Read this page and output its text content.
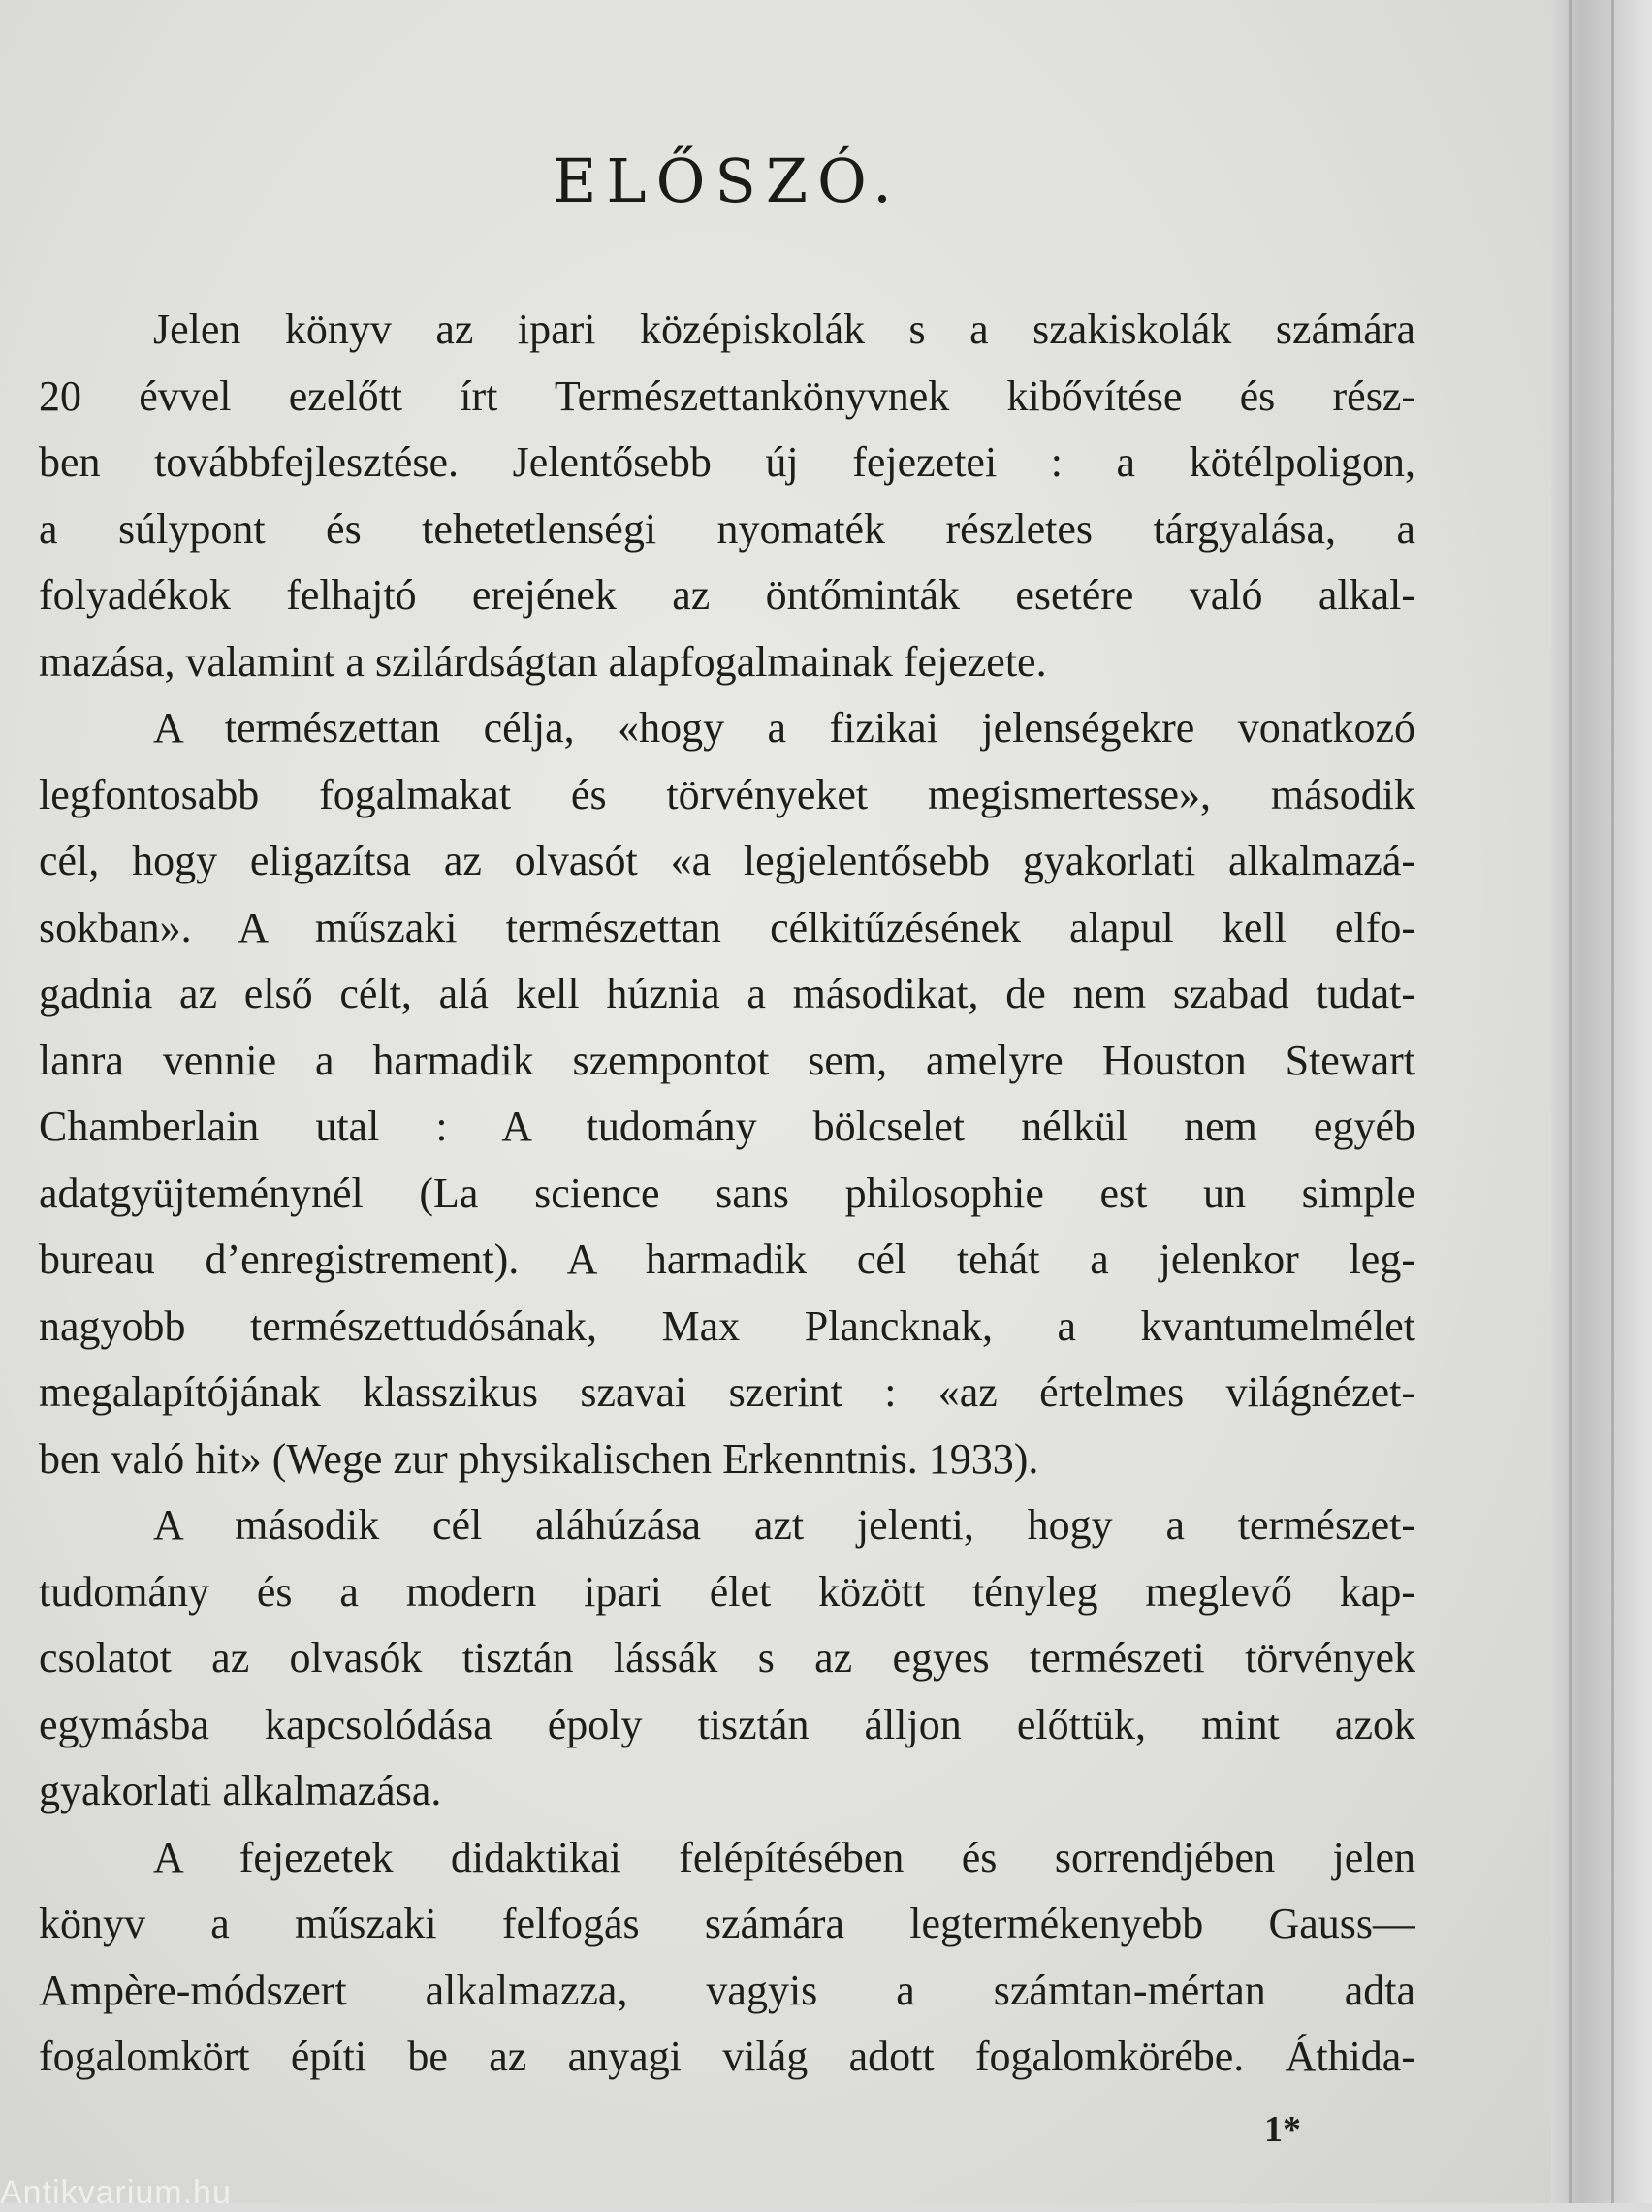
ELŐSZÓ.
Jelen könyv az ipari középiskolák s a szakiskolák számára
20 évvel ezelőtt írt Természettankönyvnek kibővítése és rész-
ben továbbfejlesztése. Jelentősebb új fejezetei : a kötélpoligon,
a súlypont és tehetetlenségi nyomaték részletes tárgyalása, a
folyadékok felhajtó erejének az öntőminták esetére való alkal-
mazása, valamint a szilárdságtan alapfogalmainak fejezete.
A természettan célja, «hogy a fizikai jelenségekre vonatkozó
legfontosabb fogalmakat és törvényeket megismertesse», második
cél, hogy eligazítsa az olvasót «a legjelentősebb gyakorlati alkalmazá-
sokban». A műszaki természettan célkitűzésének alapul kell elfo-
gadnia az első célt, alá kell húznia a másodikat, de nem szabad tudat-
lanra vennie a harmadik szempontot sem, amelyre Houston Stewart
Chamberlain utal : A tudomány bölcselet nélkül nem egyéb
adatgyüjteménynél (La science sans philosophie est un simple
bureau d’enregistrement). A harmadik cél tehát a jelenkor leg-
nagyobb természettudósának, Max Plancknak, a kvantumelmélet
megalapítójának klasszikus szavai szerint : «az értelmes világnézet-
ben való hit» (Wege zur physikalischen Erkenntnis. 1933).
A második cél aláhúzása azt jelenti, hogy a természet-
tudomány és a modern ipari élet között tényleg meglevő kap-
csolatot az olvasók tisztán lássák s az egyes természeti törvények
egymásba kapcsolódása époly tisztán álljon előttük, mint azok
gyakorlati alkalmazása.
A fejezetek didaktikai felépítésében és sorrendjében jelen
könyv a műszaki felfogás számára legtermékenyebb Gauss—
Ampère-módszert alkalmazza, vagyis a számtan-mértan adta
fogalomkört építi be az anyagi világ adott fogalomkörébe. Áthida-
1*
Antikvarium.hu
